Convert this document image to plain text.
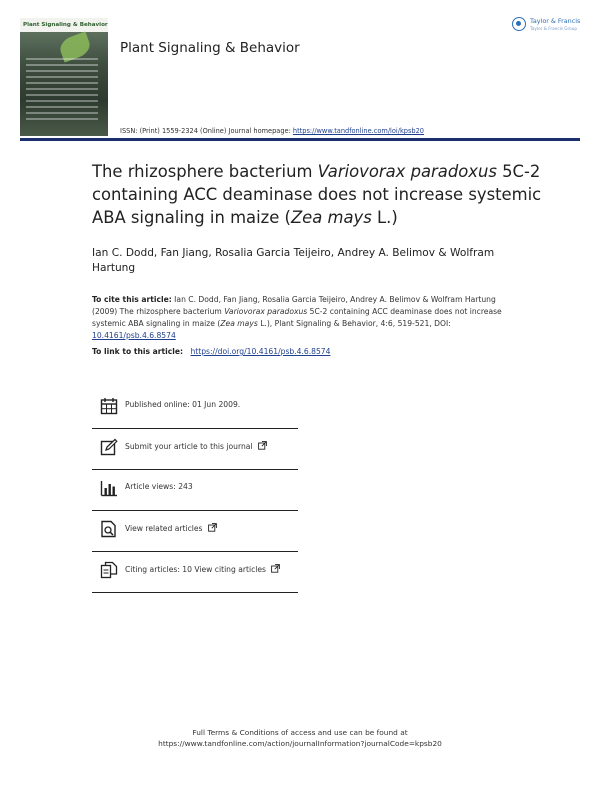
Plant Signaling & Behavior
Plant Signaling & Behavior
ISSN: (Print) 1559-2324 (Online) Journal homepage: https://www.tandfonline.com/loi/kpsb20
Taylor & Francis
Taylor & Francis Group
The rhizosphere bacterium Variovorax paradoxus 5C-2 containing ACC deaminase does not increase systemic ABA signaling in maize (Zea mays L.)
Ian C. Dodd, Fan Jiang, Rosalia Garcia Teijeiro, Andrey A. Belimov & Wolfram Hartung
To cite this article: Ian C. Dodd, Fan Jiang, Rosalia Garcia Teijeiro, Andrey A. Belimov & Wolfram Hartung (2009) The rhizosphere bacterium Variovorax paradoxus 5C-2 containing ACC deaminase does not increase systemic ABA signaling in maize (Zea mays L.), Plant Signaling & Behavior, 4:6, 519-521, DOI: 10.4161/psb.4.6.8574
To link to this article: https://doi.org/10.4161/psb.4.6.8574
Published online: 01 Jun 2009.
Submit your article to this journal
Article views: 243
View related articles
Citing articles: 10 View citing articles
Full Terms & Conditions of access and use can be found at
https://www.tandfonline.com/action/journalInformation?journalCode=kpsb20
